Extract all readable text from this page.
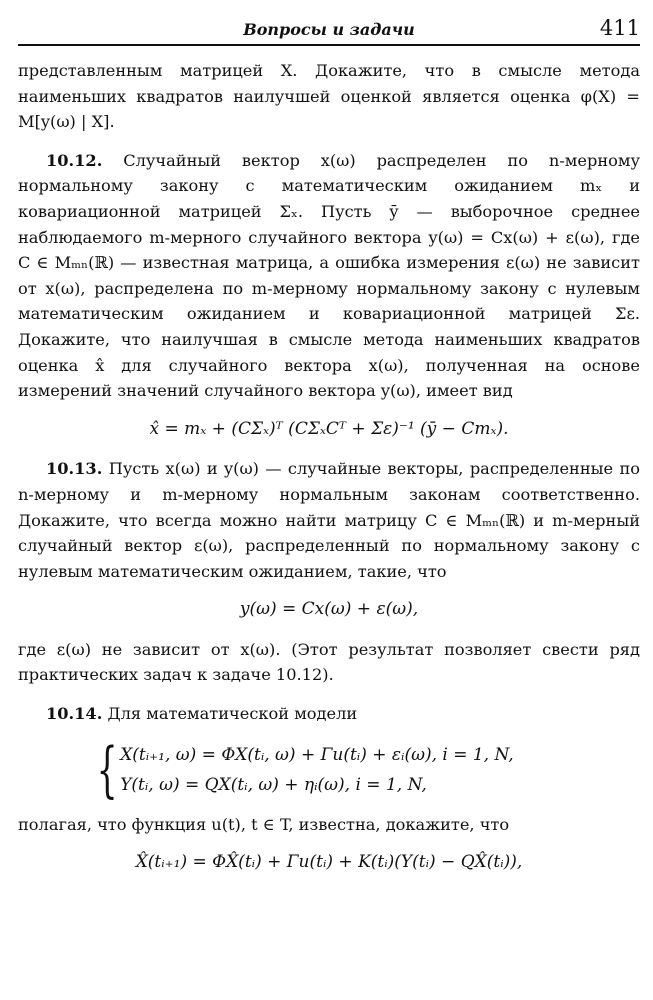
Вопросы и задачи	411

представленным матрицей X. Докажите, что в смысле метода наименьших квадратов наилучшей оценкой является оценка φ(X) = M[y(ω) | X].

10.12. Случайный вектор x(ω) распределен по n-мерному нормальному закону с математическим ожиданием mₓ и ковариационной матрицей Σₓ. Пусть ȳ — выборочное среднее наблюдаемого m-мерного случайного вектора y(ω) = Cx(ω) + ε(ω), где C ∈ Mₘₙ(ℝ) — известная матрица, а ошибка измерения ε(ω) не зависит от x(ω), распределена по m-мерному нормальному закону с нулевым математическим ожиданием и ковариационной матрицей Σε. Докажите, что наилучшая в смысле метода наименьших квадратов оценка x̂ для случайного вектора x(ω), полученная на основе измерений значений случайного вектора y(ω), имеет вид

x̂ = mₓ + (CΣₓ)ᵀ (CΣₓCᵀ + Σε)⁻¹ (ȳ − Cmₓ).

10.13. Пусть x(ω) и y(ω) — случайные векторы, распределенные по n-мерному и m-мерному нормальным законам соответственно. Докажите, что всегда можно найти матрицу C ∈ Mₘₙ(ℝ) и m-мерный случайный вектор ε(ω), распределенный по нормальному закону с нулевым математическим ожиданием, такие, что

y(ω) = Cx(ω) + ε(ω),

где ε(ω) не зависит от x(ω). (Этот результат позволяет свести ряд практических задач к задаче 10.12).

10.14. Для математической модели

{ X(tᵢ₊₁, ω) = ΦX(tᵢ, ω) + Γu(tᵢ) + εᵢ(ω), i = 1, N,
Y(tᵢ, ω) = QX(tᵢ, ω) + ηᵢ(ω), i = 1, N,

полагая, что функция u(t), t ∈ T, известна, докажите, что

X̂(tᵢ₊₁) = ΦX̂(tᵢ) + Γu(tᵢ) + K(tᵢ)(Y(tᵢ) − QX̂(tᵢ)),
